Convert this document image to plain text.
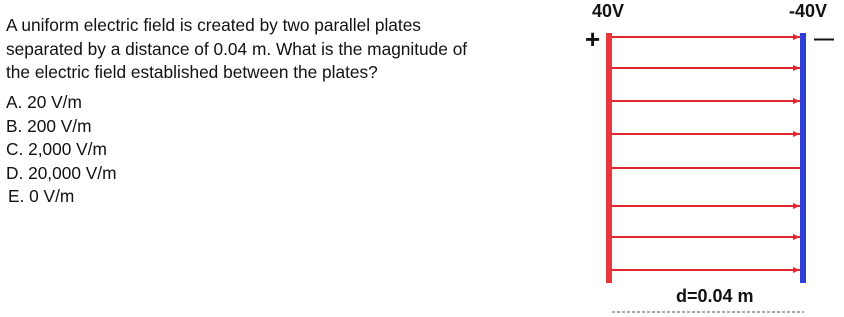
A uniform electric field is created by two parallel plates

separated by a distance of 0.04 m. What is the magnitude of

the electric field established between the plates?

A. 20 V/m
B. 200 V/m
C. 2,000 V/m
D. 20,000 V/m
E. 0 V/m
40V	-40V
+	—
d=0.04 m
